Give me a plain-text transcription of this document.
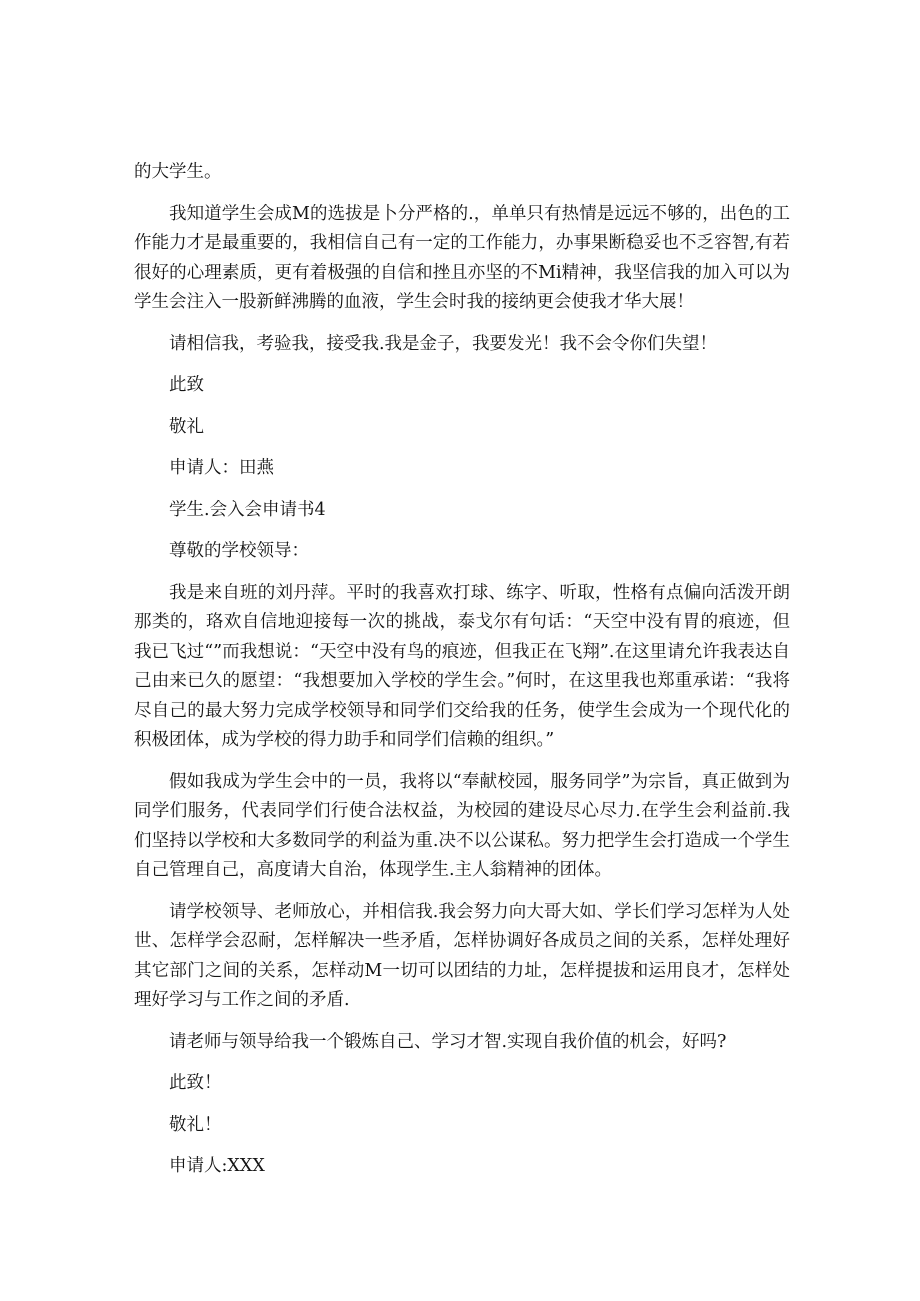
的大学生。

我知道学生会成M的选拔是卜分严格的.，单单只有热情是远远不够的，出色的工作能力才是最重要的，我相信自己有一定的工作能力，办事果断稳妥也不乏容智,有若很好的心理素质，更有着极强的自信和挫且亦坚的不Mi精神，我坚信我的加入可以为学生会注入一股新鲜沸腾的血液，学生会时我的接纳更会使我才华大展！

请相信我，考验我，接受我.我是金子，我要发光！我不会令你们失望！

此致

敬礼

申请人：田燕

学生.会入会申请书4

尊敬的学校领导：

我是来自班的刘丹萍。平时的我喜欢打球、练字、听取，性格有点偏向活泼开朗那类的，珞欢自信地迎接每一次的挑战，泰戈尔有句话：“天空中没有胃的痕迹，但我已飞过“”而我想说：“天空中没有鸟的痕迹，但我正在飞翔”.在这里请允许我表达自己由来已久的愿望：“我想要加入学校的学生会。”何时，在这里我也郑重承诺：“我将尽自己的最大努力完成学校领导和同学们交给我的任务，使学生会成为一个现代化的积极团体，成为学校的得力助手和同学们信赖的组织。”

假如我成为学生会中的一员，我将以“奉献校园，服务同学”为宗旨，真正做到为同学们服务，代表同学们行使合法权益，为校园的建设尽心尽力.在学生会利益前.我们坚持以学校和大多数同学的利益为重.决不以公谋私。努力把学生会打造成一个学生自己管理自己，高度请大自治，体现学生.主人翁精神的团体。

请学校领导、老师放心，并相信我.我会努力向大哥大如、学长们学习怎样为人处世、怎样学会忍耐，怎样解决一些矛盾，怎样协调好各成员之间的关系，怎样处理好其它部门之间的关系，怎样动M一切可以团结的力址，怎样提拔和运用良才，怎样处理好学习与工作之间的矛盾.

请老师与领导给我一个锻炼自己、学习才智.实现自我价值的机会，好吗?

此致！

敬礼！

申请人:XXX
